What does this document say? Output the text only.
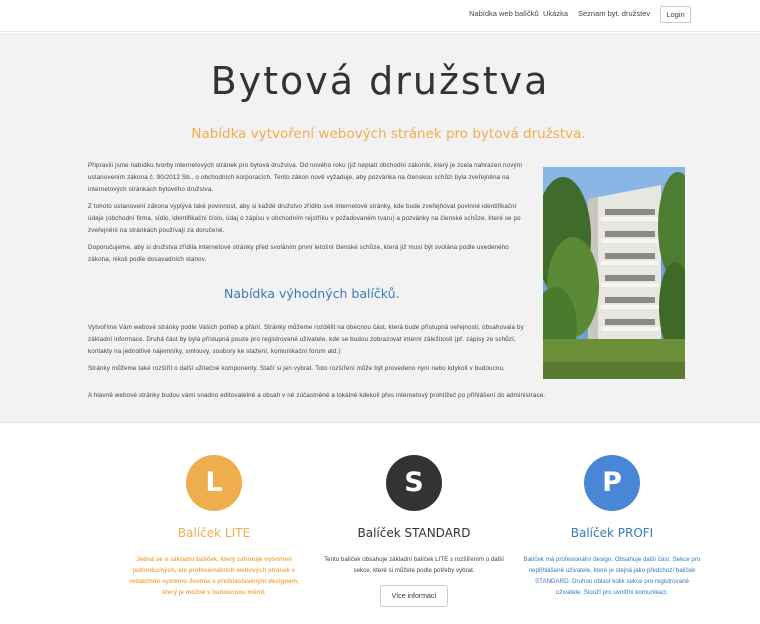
Nabídka web balíčků Ukázka Seznam byt. družstev	Login
Bytová družstva
Nabídka vytvoření webových stránek pro bytová družstva.

Připravili jsme nabídku tvorby internetových stránek pro bytová družstva. Od nového roku (již neplatí obchodní zákoník, který je zcela nahrazen novým ustanovením zákona č. 90/2012 Sb., o obchodních korporacích. Tento zákon nově vyžaduje, aby pozvánka na členskou schůzi byla zveřejněna na internetových stránkách bytového družstva.

Z tohoto ustanovení zákona vyplývá také povinnost, aby si každé družstvo zřídilo své internetové stránky, kde bude zveřejňovat povinné identifikační údaje (obchodní firma, sídlo, identifikační číslo, údaj o zápisu v obchodním rejstříku v požadovaném tvaru) a pozvánky na členské schůze, které se po zveřejnění na stránkách používají za doručené.

Doporučujeme, aby si družstva zřídila internetové stránky před svoláním první letošní členské schůze, která již musí být svolána podle uvedeného zákona, nikoli podle dosavadních stanov.

Nabídka výhodných balíčků.

Vytvoříme Vám webové stránky podle Vašich potřeb a přání. Stránky můžeme rozdělit na obecnou část, která bude přístupná veřejnosti, obsahovala by základní informace. Druhá část by byla přístupná pouze pro registrované uživatele, kde se budou zobrazovat interní záležitosti (př. zápisy ze schůzí, kontakty na jednotlivé nájemníky, smlouvy, soubory ke stažení, komunikační forum atd.)

Stránky můžeme také rozšířit o další užitečné komponenty. Stačí si jen vybrat. Toto rozšíření může být provedeno nyní nebo kdykoli v budoucnu.

A hlavně webové stránky budou vámi snadno editovatelné a obsah v ně zúčastněné a lokálně kdekoli přes internetový prohlížeč po přihlášení do administrace.

L
Balíček LITE

Jedná se o základní balíček, který zahrnuje vytvoření jednoduchých, ale profesionálních webových stránek v redakčním systému Joomla s přednastaveným designem, který je možné s budoucnou měnit.

S
Balíček STANDARD

Tento balíček obsahuje základní balíček LITE s rozšířením o další sekce, které si můžete podle potřeby vybrat.

Více informací
P
Balíček PROFI

Balíček má profesionální design. Obsahuje další část. Sekce pro nepřihlášené uživatele, které je stejná jako předchozí balíček STANDARD. Druhou oblast kolik sekce pro registrované uživatele. Slouží pro uvnitřní komunikaci.
